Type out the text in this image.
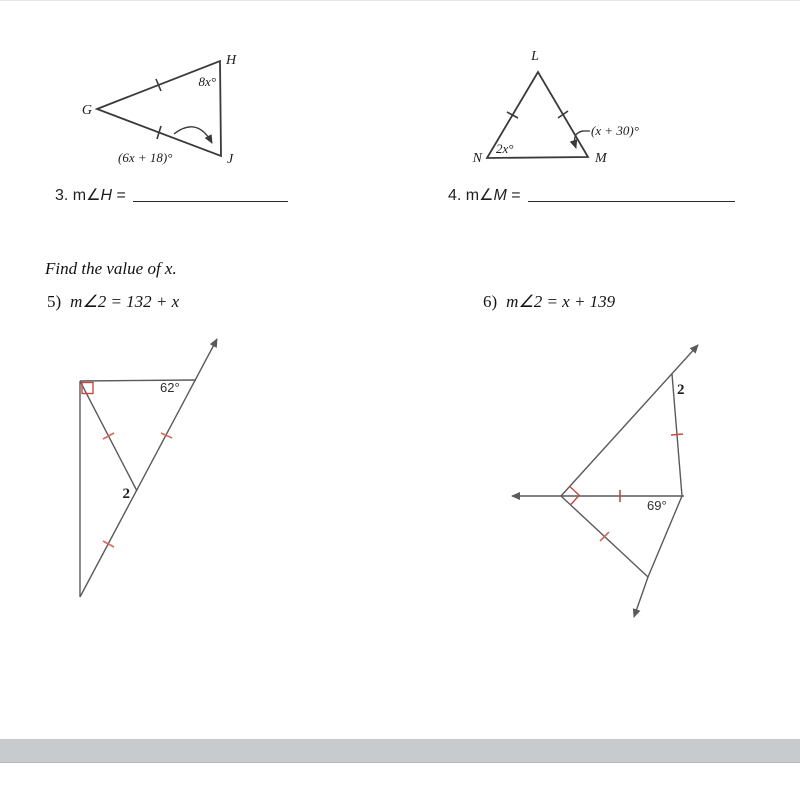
H
G
J
8x°
(6x + 18)°
L
N	M
2x°
(x + 30)°
3. m∠H =	4. m∠M =
Find the value of x.
5) m∠2 = 132 + x	6) m∠2 = x + 139
62°
2
2
69°
